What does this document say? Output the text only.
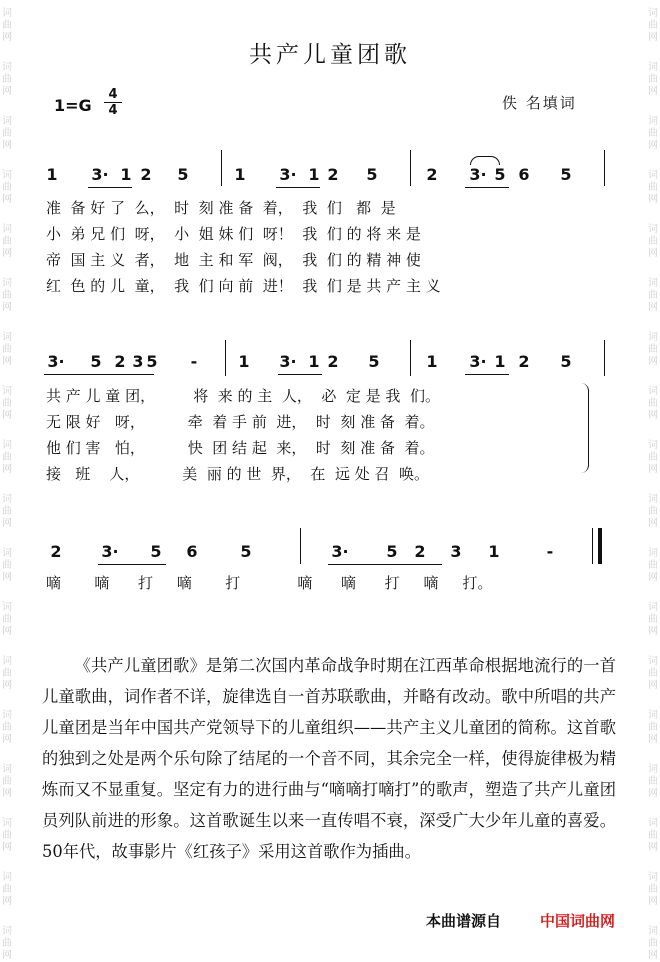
词
曲
网
词
曲
网
词
曲
网
词
曲
网
词
曲
网
词
曲
网
词
曲
网
词
曲
网
词
曲
网
词
曲
网
词
曲
网
词
曲
网
词
曲
网
词
曲
网
词
曲
网
词
曲
网
词
曲
网
词
曲
网
词
曲
网
词
曲
网
词
曲
网
词
曲
网
词
曲
网
词
曲
网
词
曲
网
词
曲
网
词
曲
网
词
曲
网
词
曲
网
词
曲
网
词
曲
网
词
曲
网
词
曲
网
词
曲
网
词
曲
网
词
曲
网
共产儿童团歌
1=G
4
4	佚 名填词
1 3· 1 2 5	1 3· 1 2 5	2 3· 5 6 5
3· 5 2 3 5 -	1 3· 1 2 5	1 3· 1 2 5
2 3· 5 6	5	3· 5 2 3 1	-
准  备 好 了  么，  时  刻 准 备  着，  我  们   都  是
小  弟 兄 们  呀，  小  姐 妹 们  呀！  我  们 的 将 来 是
帝  国 主 义  者，  地  主 和 军  阀，  我  们 的 精 神 使
红  色 的 儿  童，  我  们 向 前  进！  我  们 是 共 产 主 义
共 产 儿 童 团，        将  来 的 主  人，  必  定 是 我  们。
无 限 好   呀，         牵  着 手 前  进，  时  刻 准 备  着。
他 们 害   怕，         快  团 结 起  来，  时  刻 准 备  着。
接   班    人，         美  丽 的 世  界，  在  远 处 召  唤。
嘀       嘀      打     嘀       打            嘀      嘀      打     嘀     打。
《共产儿童团歌》是第二次国内革命战争时期在江西革命根据地流行的一首儿童歌曲，词作者不详，旋律选自一首苏联歌曲，并略有改动。歌中所唱的共产儿童团是当年中国共产党领导下的儿童组织——共产主义儿童团的简称。这首歌的独到之处是两个乐句除了结尾的一个音不同，其余完全一样，使得旋律极为精炼而又不显重复。坚定有力的进行曲与“嘀嘀打嘀打”的歌声，塑造了共产儿童团员列队前进的形象。这首歌诞生以来一直传唱不衰，深受广大少年儿童的喜爱。50年代，故事影片《红孩子》采用这首歌作为插曲。
本曲谱源自	中国词曲网
